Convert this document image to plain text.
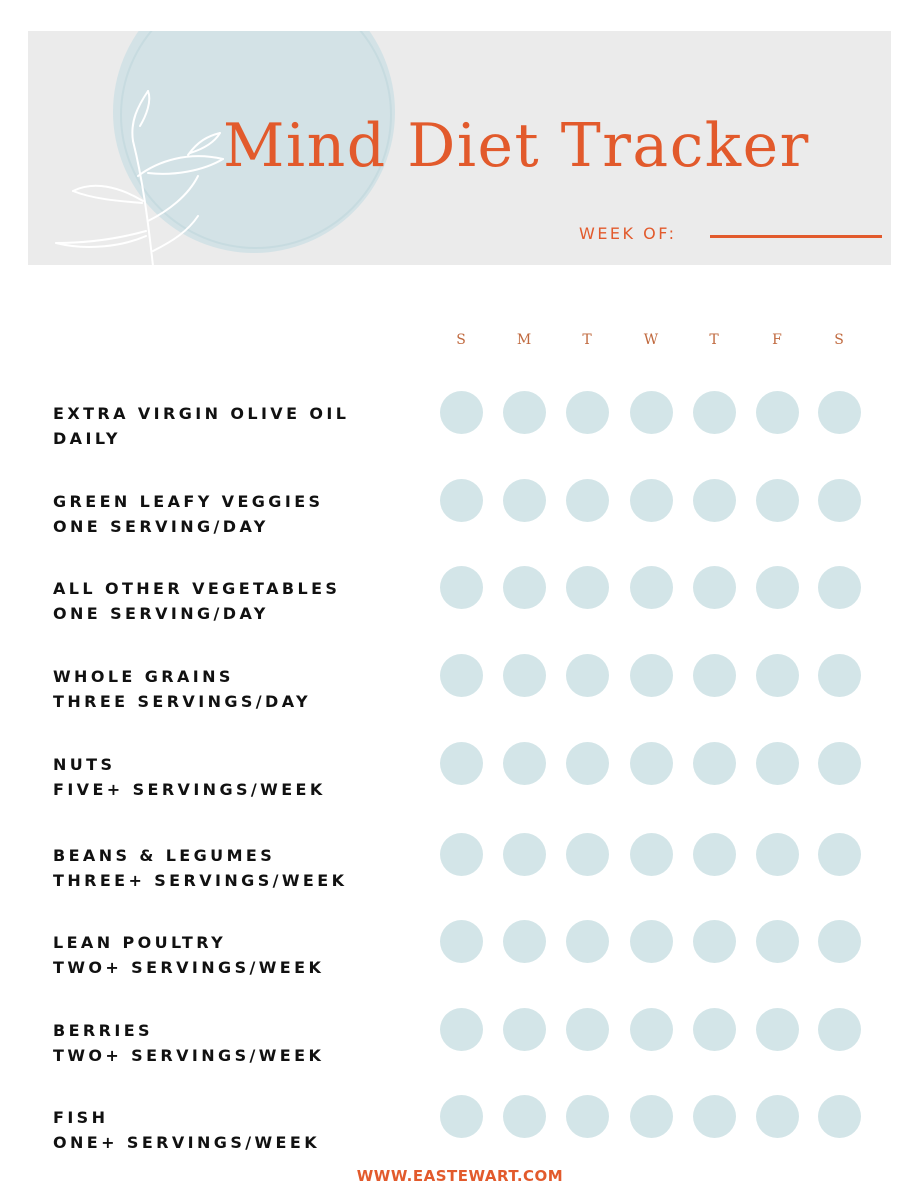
Mind Diet Tracker
WEEK OF:
S	M	T	W	T	F	S
EXTRA VIRGIN OLIVE OIL
DAILY
GREEN LEAFY VEGGIES
ONE SERVING/DAY
ALL OTHER VEGETABLES
ONE SERVING/DAY
WHOLE GRAINS
THREE SERVINGS/DAY
NUTS
FIVE+ SERVINGS/WEEK
BEANS & LEGUMES
THREE+ SERVINGS/WEEK
LEAN POULTRY
TWO+ SERVINGS/WEEK
BERRIES
TWO+ SERVINGS/WEEK
FISH
ONE+ SERVINGS/WEEK
WWW.EASTEWART.COM
